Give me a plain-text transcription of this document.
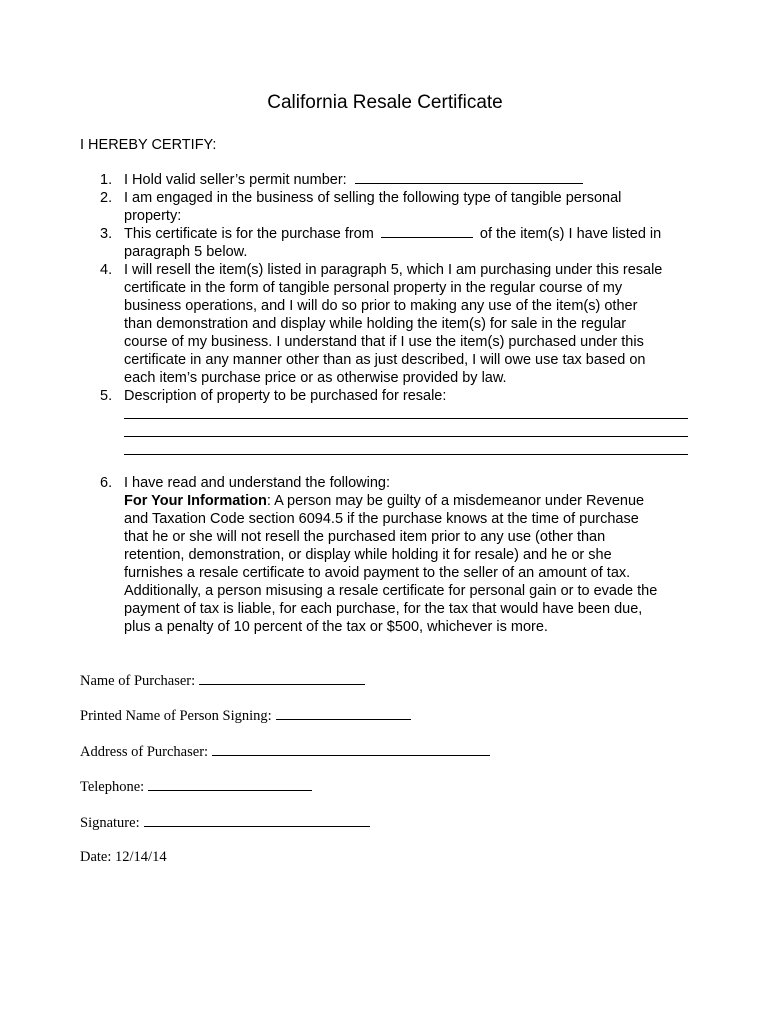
California Resale Certificate
I HEREBY CERTIFY:
1. I Hold valid seller’s permit number:
2. I am engaged in the business of selling the following type of tangible personal
property:
3. This certificate is for the purchase from	of the item(s) I have listed in
paragraph 5 below.
4. I will resell the item(s) listed in paragraph 5, which I am purchasing under this resale
certificate in the form of tangible personal property in the regular course of my
business operations, and I will do so prior to making any use of the item(s) other
than demonstration and display while holding the item(s) for sale in the regular
course of my business. I understand that if I use the item(s) purchased under this
certificate in any manner other than as just described, I will owe use tax based on
each item’s purchase price or as otherwise provided by law.
5. Description of property to be purchased for resale:
6. I have read and understand the following:
For Your Information: A person may be guilty of a misdemeanor under Revenue
and Taxation Code section 6094.5 if the purchase knows at the time of purchase
that he or she will not resell the purchased item prior to any use (other than
retention, demonstration, or display while holding it for resale) and he or she
furnishes a resale certificate to avoid payment to the seller of an amount of tax.
Additionally, a person misusing a resale certificate for personal gain or to evade the
payment of tax is liable, for each purchase, for the tax that would have been due,
plus a penalty of 10 percent of the tax or $500, whichever is more.
Name of Purchaser:
Printed Name of Person Signing:
Address of Purchaser:
Telephone:
Signature:
Date: 12/14/14
